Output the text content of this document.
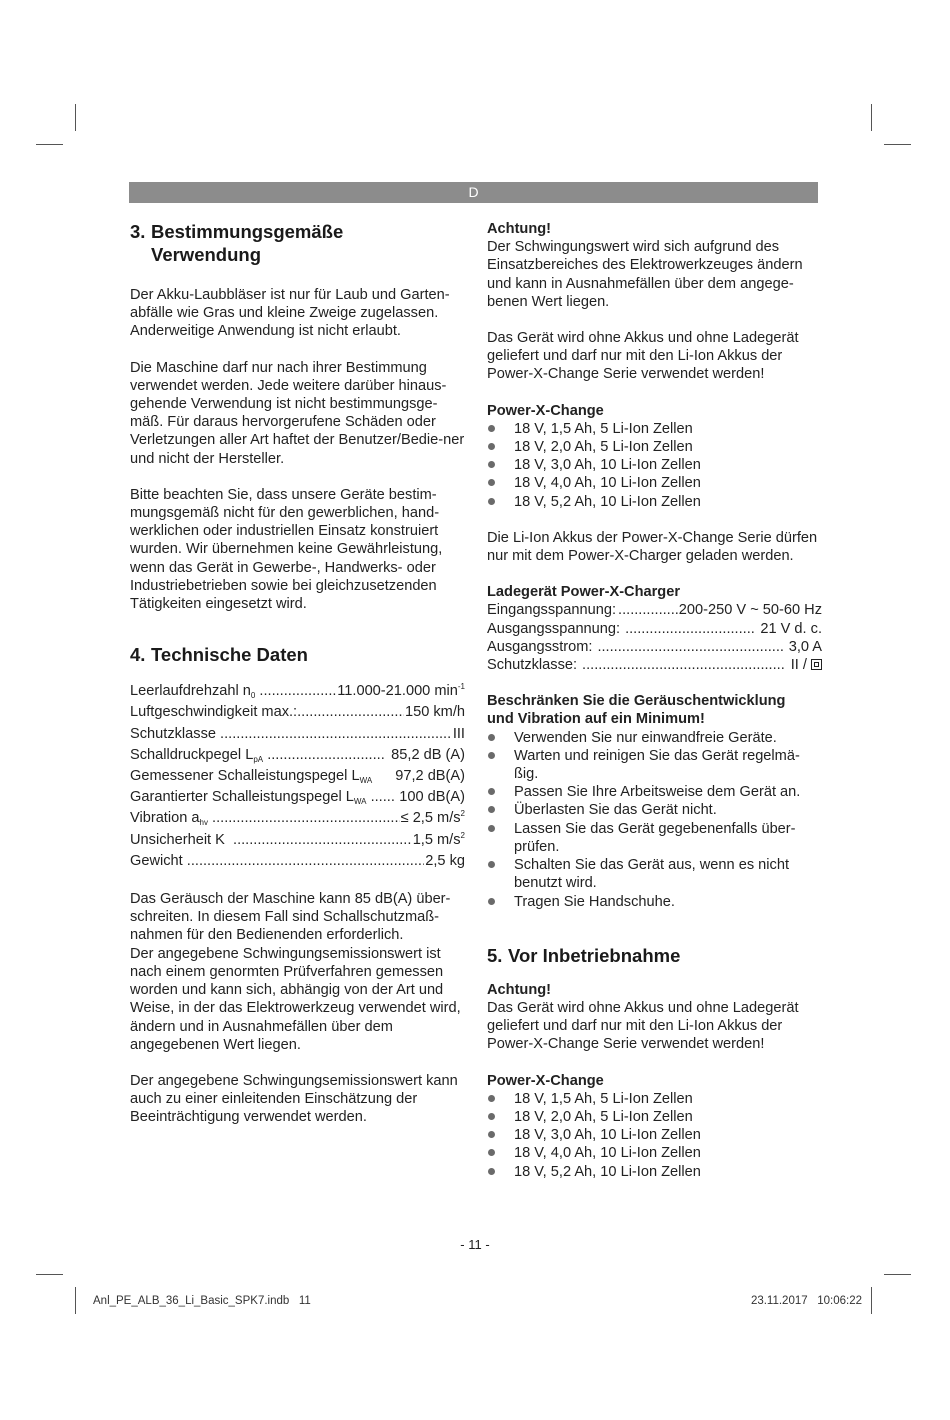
D
3. Bestimmungsgemäße
Verwendung

Der Akku-Laubbläser ist nur für Laub und Garten-abfälle wie Gras und kleine Zweige zugelassen. Anderweitige Anwendung ist nicht erlaubt.

Die Maschine darf nur nach ihrer Bestimmung verwendet werden. Jede weitere darüber hinaus-gehende Verwendung ist nicht bestimmungsge-mäß. Für daraus hervorgerufene Schäden oder Verletzungen aller Art haftet der Benutzer/Bedie-ner und nicht der Hersteller.

Bitte beachten Sie, dass unsere Geräte bestim-mungsgemäß nicht für den gewerblichen, hand-werklichen oder industriellen Einsatz konstruiert wurden. Wir übernehmen keine Gewährleistung, wenn das Gerät in Gewerbe-, Handwerks- oder Industriebetrieben sowie bei gleichzusetzenden Tätigkeiten eingesetzt wird.

4. Technische Daten
Leerlaufdrehzahl $n_0$ .....	11.000-21.000 $\min^{-1}$
Luftgeschwindigkeit max.: .....	150 km/h
Schutzklasse .....	III
Schalldruckpegel $L_{pA}$ .....	85,2 dB (A)
Gemessener Schalleistungspegel $L_{WA}$ 97,2 dB(A)
Garantierter Schalleistungspegel $L_{WA}$ .....	100 dB(A)
Vibration $a_{hv}$ .....	≤ 2,5 $m/s^2$
Unsicherheit K .....	1,5 $m/s^2$
Gewicht .....	2,5 kg

Das Geräusch der Maschine kann 85 dB(A) über-schreiten. In diesem Fall sind Schallschutzmaß-nahmen für den Bedienenden erforderlich.

Der angegebene Schwingungsemissionswert ist nach einem genormten Prüfverfahren gemessen worden und kann sich, abhängig von der Art und Weise, in der das Elektrowerkzeug verwendet wird, ändern und in Ausnahmefällen über dem angegebenen Wert liegen.

Der angegebene Schwingungsemissionswert kann auch zu einer einleitenden Einschätzung der Beeinträchtigung verwendet werden.

Achtung!

Der Schwingungswert wird sich aufgrund des Einsatzbereiches des Elektrowerkzeuges ändern und kann in Ausnahmefällen über dem angege-benen Wert liegen.

Das Gerät wird ohne Akkus und ohne Ladegerät geliefert und darf nur mit den Li-Ion Akkus der Power-X-Change Serie verwendet werden!

Power-X-Change

18 V, 1,5 Ah, 5 Li-Ion Zellen
18 V, 2,0 Ah, 5 Li-Ion Zellen
18 V, 3,0 Ah, 10 Li-Ion Zellen
18 V, 4,0 Ah, 10 Li-Ion Zellen
18 V, 5,2 Ah, 10 Li-Ion Zellen

Die Li-Ion Akkus der Power-X-Change Serie dürfen nur mit dem Power-X-Charger geladen werden.

Ladegerät Power-X-Charger

Eingangsspannung: .....	200-250 V ~ 50-60 Hz
Ausgangsspannung: .....	21 V d. c.
Ausgangsstrom: .....	3,0 A
Schutzklasse: .....	II /

Beschränken Sie die Geräuschentwicklung
und Vibration auf ein Minimum!

Verwenden Sie nur einwandfreie Geräte.
Warten und reinigen Sie das Gerät regelmä-ßig.
Passen Sie Ihre Arbeitsweise dem Gerät an.
Überlasten Sie das Gerät nicht.
Lassen Sie das Gerät gegebenenfalls über-prüfen.
Schalten Sie das Gerät aus, wenn es nicht benutzt wird.
Tragen Sie Handschuhe.
5. Vor Inbetriebnahme

Achtung!

Das Gerät wird ohne Akkus und ohne Ladegerät geliefert und darf nur mit den Li-Ion Akkus der Power-X-Change Serie verwendet werden!

Power-X-Change

18 V, 1,5 Ah, 5 Li-Ion Zellen
18 V, 2,0 Ah, 5 Li-Ion Zellen
18 V, 3,0 Ah, 10 Li-Ion Zellen
18 V, 4,0 Ah, 10 Li-Ion Zellen
18 V, 5,2 Ah, 10 Li-Ion Zellen
- 11 -
Anl_PE_ALB_36_Li_Basic_SPK7.indb   11	23.11.2017   10:06:22
